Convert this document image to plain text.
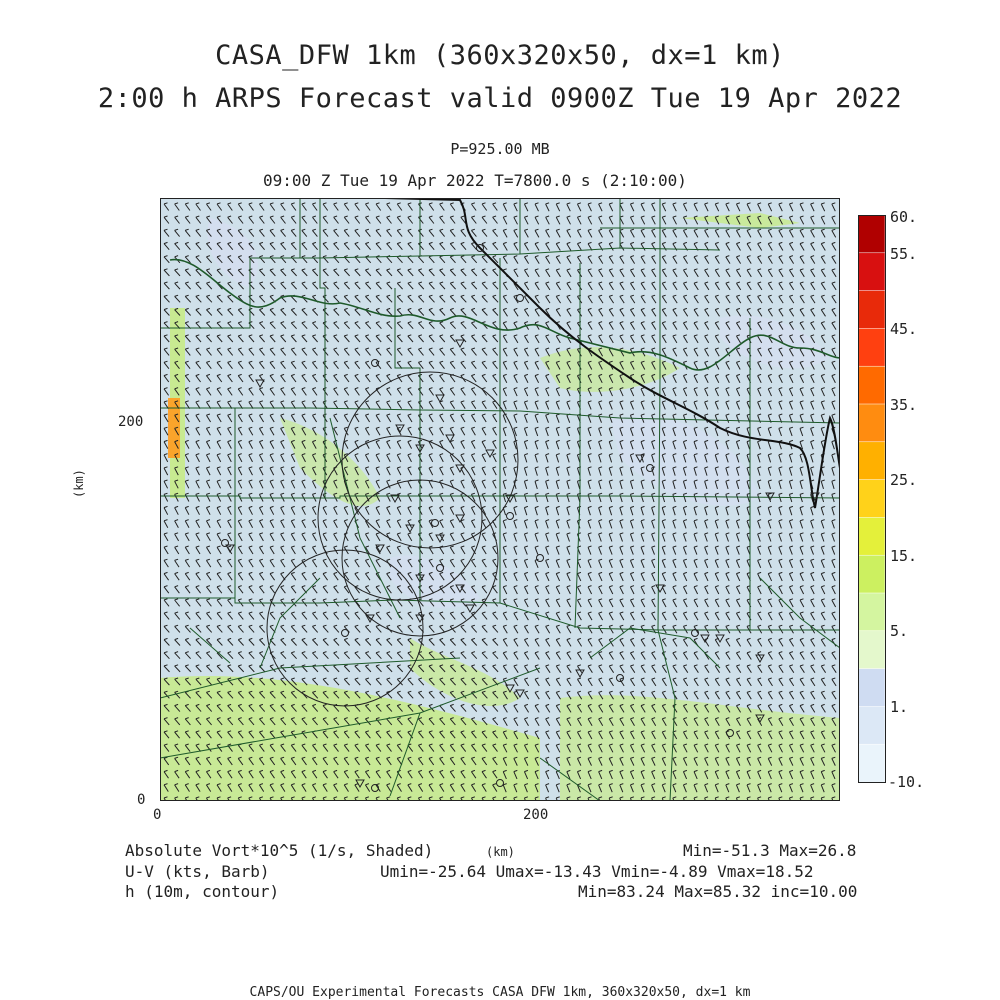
CASA_DFW 1km (360x320x50, dx=1 km)
2:00 h ARPS Forecast valid 0900Z Tue 19 Apr 2022
P=925.00 MB
09:00 Z Tue 19 Apr 2022 T=7800.0 s (2:10:00)
200
0
(km)
0	200
60.
55.
45.
35.
25.
15.
5.
1.
-10.
Absolute Vort*10^5 (1/s, Shaded)	(km)	Min=-51.3 Max=26.8
U-V (kts, Barb)	Umin=-25.64 Umax=-13.43 Vmin=-4.89 Vmax=18.52
h (10m, contour)	Min=83.24 Max=85.32 inc=10.00
CAPS/OU Experimental Forecasts CASA DFW 1km, 360x320x50, dx=1 km
